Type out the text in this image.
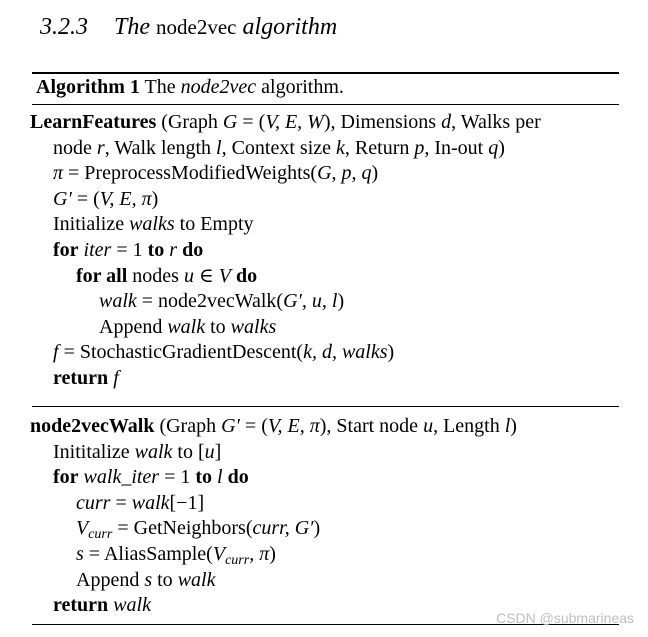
3.2.3 The node2vec algorithm
Algorithm 1 The node2vec algorithm.
LearnFeatures (Graph G = (V, E, W), Dimensions d, Walks per
node r, Walk length l, Context size k, Return p, In-out q)
π = PreprocessModifiedWeights(G, p, q)
G′ = (V, E, π)
Initialize walks to Empty
for iter = 1 to r do
for all nodes u ∈ V do
walk = node2vecWalk(G′, u, l)
Append walk to walks
f = StochasticGradientDescent(k, d, walks)
return f
node2vecWalk (Graph G′ = (V, E, π), Start node u, Length l)
Inititalize walk to [u]
for walk_iter = 1 to l do
curr = walk[−1]
$V_{curr}$ = GetNeighbors(curr, G′)
$s = AliasSample(V_{curr}$, π)
Append s to walk
return walk
CSDN @submarineas
